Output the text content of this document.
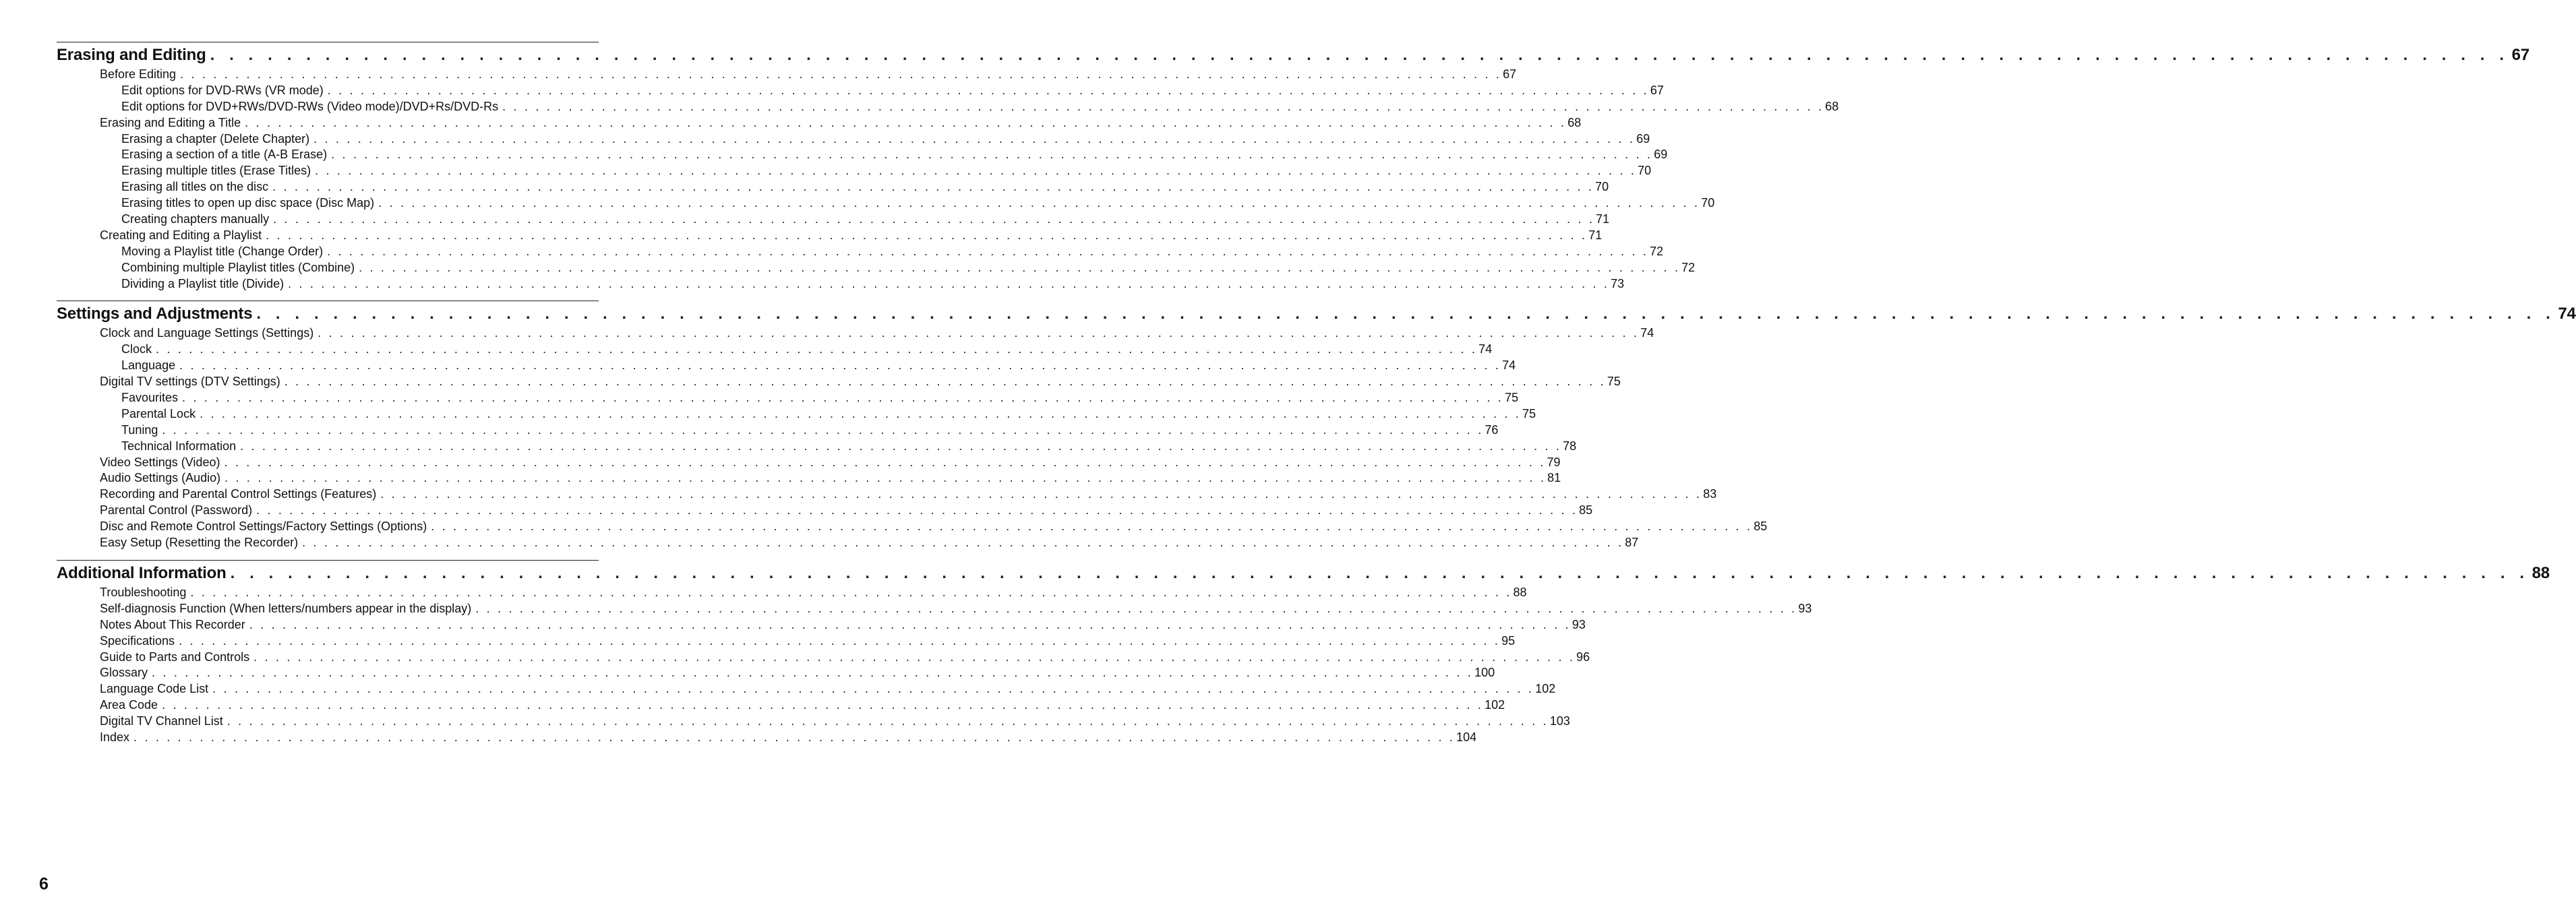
Erasing and Editing . . . . . . . . . . . . . . . . . . . . . . . . . . . . . . . . . . . . . . . . . . . . . . . . . . . . . . . . . . . . . . . . . . . . . . . . . . . . . . . . . . . . . . . . . . . . . . . . . . . . . . . . . . . . . . . . . . . . . . . . 67
Before Editing . . . . . . . . . . . . . . . . . . . . . . . . . . . . . . . . . . . . . . . . . . . . . . . . . . . . . . . . . . . . . . . . . . . . . . . . . . . . . . . . . . . . . . . . . . . . . . . . . . . . . . . . . . . . . . . . . . . . . . . . 67
Edit options for DVD-RWs (VR mode) . . . . . . . . . . . . . . . . . . . . . . . . . . . . . . . . . . . . . . . . . . . . . . . . . . . . . . . . . . . . . . . . . . . . . . . . . . . . . . . . . . . . . . . . . . . . . . . . . . . . . . . . . . . . . . . . . . . . . . . . 67
Edit options for DVD+RWs/DVD-RWs (Video mode)/DVD+Rs/DVD-Rs . . . . . . . . . . . . . . . . . . . . . . . . . . . . . . . . . . . . . . . . . . . . . . . . . . . . . . . . . . . . . . . . . . . . . . . . . . . . . . . . . . . . . . . . . . . . . . . . . . . . . . . . . . . . . . . . . . . . . . . . 68
Erasing and Editing a Title . . . . . . . . . . . . . . . . . . . . . . . . . . . . . . . . . . . . . . . . . . . . . . . . . . . . . . . . . . . . . . . . . . . . . . . . . . . . . . . . . . . . . . . . . . . . . . . . . . . . . . . . . . . . . . . . . . . . . . . . 68
Erasing a chapter (Delete Chapter) . . . . . . . . . . . . . . . . . . . . . . . . . . . . . . . . . . . . . . . . . . . . . . . . . . . . . . . . . . . . . . . . . . . . . . . . . . . . . . . . . . . . . . . . . . . . . . . . . . . . . . . . . . . . . . . . . . . . . . . . 69
Erasing a section of a title (A-B Erase) . . . . . . . . . . . . . . . . . . . . . . . . . . . . . . . . . . . . . . . . . . . . . . . . . . . . . . . . . . . . . . . . . . . . . . . . . . . . . . . . . . . . . . . . . . . . . . . . . . . . . . . . . . . . . . . . . . . . . . . . 69
Erasing multiple titles (Erase Titles) . . . . . . . . . . . . . . . . . . . . . . . . . . . . . . . . . . . . . . . . . . . . . . . . . . . . . . . . . . . . . . . . . . . . . . . . . . . . . . . . . . . . . . . . . . . . . . . . . . . . . . . . . . . . . . . . . . . . . . . . 70
Erasing all titles on the disc . . . . . . . . . . . . . . . . . . . . . . . . . . . . . . . . . . . . . . . . . . . . . . . . . . . . . . . . . . . . . . . . . . . . . . . . . . . . . . . . . . . . . . . . . . . . . . . . . . . . . . . . . . . . . . . . . . . . . . . . 70
Erasing titles to open up disc space (Disc Map) . . . . . . . . . . . . . . . . . . . . . . . . . . . . . . . . . . . . . . . . . . . . . . . . . . . . . . . . . . . . . . . . . . . . . . . . . . . . . . . . . . . . . . . . . . . . . . . . . . . . . . . . . . . . . . . . . . . . . . . . 70
Creating chapters manually . . . . . . . . . . . . . . . . . . . . . . . . . . . . . . . . . . . . . . . . . . . . . . . . . . . . . . . . . . . . . . . . . . . . . . . . . . . . . . . . . . . . . . . . . . . . . . . . . . . . . . . . . . . . . . . . . . . . . . . . 71
Creating and Editing a Playlist . . . . . . . . . . . . . . . . . . . . . . . . . . . . . . . . . . . . . . . . . . . . . . . . . . . . . . . . . . . . . . . . . . . . . . . . . . . . . . . . . . . . . . . . . . . . . . . . . . . . . . . . . . . . . . . . . . . . . . . . 71
Moving a Playlist title (Change Order) . . . . . . . . . . . . . . . . . . . . . . . . . . . . . . . . . . . . . . . . . . . . . . . . . . . . . . . . . . . . . . . . . . . . . . . . . . . . . . . . . . . . . . . . . . . . . . . . . . . . . . . . . . . . . . . . . . . . . . . . 72
Combining multiple Playlist titles (Combine) . . . . . . . . . . . . . . . . . . . . . . . . . . . . . . . . . . . . . . . . . . . . . . . . . . . . . . . . . . . . . . . . . . . . . . . . . . . . . . . . . . . . . . . . . . . . . . . . . . . . . . . . . . . . . . . . . . . . . . . . 72
Dividing a Playlist title (Divide) . . . . . . . . . . . . . . . . . . . . . . . . . . . . . . . . . . . . . . . . . . . . . . . . . . . . . . . . . . . . . . . . . . . . . . . . . . . . . . . . . . . . . . . . . . . . . . . . . . . . . . . . . . . . . . . . . . . . . . . . 73
Settings and Adjustments . . . . . . . . . . . . . . . . . . . . . . . . . . . . . . . . . . . . . . . . . . . . . . . . . . . . . . . . . . . . . . . . . . . . . . . . . . . . . . . . . . . . . . . . . . . . . . . . . . . . . . . . . . . . . . . . . . . . . . . . 74
Clock and Language Settings (Settings) . . . . . . . . . . . . . . . . . . . . . . . . . . . . . . . . . . . . . . . . . . . . . . . . . . . . . . . . . . . . . . . . . . . . . . . . . . . . . . . . . . . . . . . . . . . . . . . . . . . . . . . . . . . . . . . . . . . . . . . . 74
Clock . . . . . . . . . . . . . . . . . . . . . . . . . . . . . . . . . . . . . . . . . . . . . . . . . . . . . . . . . . . . . . . . . . . . . . . . . . . . . . . . . . . . . . . . . . . . . . . . . . . . . . . . . . . . . . . . . . . . . . . . 74
Language . . . . . . . . . . . . . . . . . . . . . . . . . . . . . . . . . . . . . . . . . . . . . . . . . . . . . . . . . . . . . . . . . . . . . . . . . . . . . . . . . . . . . . . . . . . . . . . . . . . . . . . . . . . . . . . . . . . . . . . . 74
Digital TV settings (DTV Settings) . . . . . . . . . . . . . . . . . . . . . . . . . . . . . . . . . . . . . . . . . . . . . . . . . . . . . . . . . . . . . . . . . . . . . . . . . . . . . . . . . . . . . . . . . . . . . . . . . . . . . . . . . . . . . . . . . . . . . . . . 75
Favourites . . . . . . . . . . . . . . . . . . . . . . . . . . . . . . . . . . . . . . . . . . . . . . . . . . . . . . . . . . . . . . . . . . . . . . . . . . . . . . . . . . . . . . . . . . . . . . . . . . . . . . . . . . . . . . . . . . . . . . . . 75
Parental Lock . . . . . . . . . . . . . . . . . . . . . . . . . . . . . . . . . . . . . . . . . . . . . . . . . . . . . . . . . . . . . . . . . . . . . . . . . . . . . . . . . . . . . . . . . . . . . . . . . . . . . . . . . . . . . . . . . . . . . . . . 75
Tuning . . . . . . . . . . . . . . . . . . . . . . . . . . . . . . . . . . . . . . . . . . . . . . . . . . . . . . . . . . . . . . . . . . . . . . . . . . . . . . . . . . . . . . . . . . . . . . . . . . . . . . . . . . . . . . . . . . . . . . . . 76
Technical Information . . . . . . . . . . . . . . . . . . . . . . . . . . . . . . . . . . . . . . . . . . . . . . . . . . . . . . . . . . . . . . . . . . . . . . . . . . . . . . . . . . . . . . . . . . . . . . . . . . . . . . . . . . . . . . . . . . . . . . . . 78
Video Settings (Video) . . . . . . . . . . . . . . . . . . . . . . . . . . . . . . . . . . . . . . . . . . . . . . . . . . . . . . . . . . . . . . . . . . . . . . . . . . . . . . . . . . . . . . . . . . . . . . . . . . . . . . . . . . . . . . . . . . . . . . . . 79
Audio Settings (Audio) . . . . . . . . . . . . . . . . . . . . . . . . . . . . . . . . . . . . . . . . . . . . . . . . . . . . . . . . . . . . . . . . . . . . . . . . . . . . . . . . . . . . . . . . . . . . . . . . . . . . . . . . . . . . . . . . . . . . . . . . 81
Recording and Parental Control Settings (Features) . . . . . . . . . . . . . . . . . . . . . . . . . . . . . . . . . . . . . . . . . . . . . . . . . . . . . . . . . . . . . . . . . . . . . . . . . . . . . . . . . . . . . . . . . . . . . . . . . . . . . . . . . . . . . . . . . . . . . . . . 83
Parental Control (Password) . . . . . . . . . . . . . . . . . . . . . . . . . . . . . . . . . . . . . . . . . . . . . . . . . . . . . . . . . . . . . . . . . . . . . . . . . . . . . . . . . . . . . . . . . . . . . . . . . . . . . . . . . . . . . . . . . . . . . . . . 85
Disc and Remote Control Settings/Factory Settings (Options) . . . . . . . . . . . . . . . . . . . . . . . . . . . . . . . . . . . . . . . . . . . . . . . . . . . . . . . . . . . . . . . . . . . . . . . . . . . . . . . . . . . . . . . . . . . . . . . . . . . . . . . . . . . . . . . . . . . . . . . . 85
Easy Setup (Resetting the Recorder) . . . . . . . . . . . . . . . . . . . . . . . . . . . . . . . . . . . . . . . . . . . . . . . . . . . . . . . . . . . . . . . . . . . . . . . . . . . . . . . . . . . . . . . . . . . . . . . . . . . . . . . . . . . . . . . . . . . . . . . . 87
Additional Information . . . . . . . . . . . . . . . . . . . . . . . . . . . . . . . . . . . . . . . . . . . . . . . . . . . . . . . . . . . . . . . . . . . . . . . . . . . . . . . . . . . . . . . . . . . . . . . . . . . . . . . . . . . . . . . . . . . . . . . . 88
Troubleshooting . . . . . . . . . . . . . . . . . . . . . . . . . . . . . . . . . . . . . . . . . . . . . . . . . . . . . . . . . . . . . . . . . . . . . . . . . . . . . . . . . . . . . . . . . . . . . . . . . . . . . . . . . . . . . . . . . . . . . . . . 88
Self-diagnosis Function (When letters/numbers appear in the display) . . . . . . . . . . . . . . . . . . . . . . . . . . . . . . . . . . . . . . . . . . . . . . . . . . . . . . . . . . . . . . . . . . . . . . . . . . . . . . . . . . . . . . . . . . . . . . . . . . . . . . . . . . . . . . . . . . . . . . . . 93
Notes About This Recorder . . . . . . . . . . . . . . . . . . . . . . . . . . . . . . . . . . . . . . . . . . . . . . . . . . . . . . . . . . . . . . . . . . . . . . . . . . . . . . . . . . . . . . . . . . . . . . . . . . . . . . . . . . . . . . . . . . . . . . . . 93
Specifications . . . . . . . . . . . . . . . . . . . . . . . . . . . . . . . . . . . . . . . . . . . . . . . . . . . . . . . . . . . . . . . . . . . . . . . . . . . . . . . . . . . . . . . . . . . . . . . . . . . . . . . . . . . . . . . . . . . . . . . . 95
Guide to Parts and Controls . . . . . . . . . . . . . . . . . . . . . . . . . . . . . . . . . . . . . . . . . . . . . . . . . . . . . . . . . . . . . . . . . . . . . . . . . . . . . . . . . . . . . . . . . . . . . . . . . . . . . . . . . . . . . . . . . . . . . . . . 96
Glossary . . . . . . . . . . . . . . . . . . . . . . . . . . . . . . . . . . . . . . . . . . . . . . . . . . . . . . . . . . . . . . . . . . . . . . . . . . . . . . . . . . . . . . . . . . . . . . . . . . . . . . . . . . . . . . . . . . . . . . . . 100
Language Code List . . . . . . . . . . . . . . . . . . . . . . . . . . . . . . . . . . . . . . . . . . . . . . . . . . . . . . . . . . . . . . . . . . . . . . . . . . . . . . . . . . . . . . . . . . . . . . . . . . . . . . . . . . . . . . . . . . . . . . . . 102
Area Code . . . . . . . . . . . . . . . . . . . . . . . . . . . . . . . . . . . . . . . . . . . . . . . . . . . . . . . . . . . . . . . . . . . . . . . . . . . . . . . . . . . . . . . . . . . . . . . . . . . . . . . . . . . . . . . . . . . . . . . . 102
Digital TV Channel List . . . . . . . . . . . . . . . . . . . . . . . . . . . . . . . . . . . . . . . . . . . . . . . . . . . . . . . . . . . . . . . . . . . . . . . . . . . . . . . . . . . . . . . . . . . . . . . . . . . . . . . . . . . . . . . . . . . . . . . . 103
Index . . . . . . . . . . . . . . . . . . . . . . . . . . . . . . . . . . . . . . . . . . . . . . . . . . . . . . . . . . . . . . . . . . . . . . . . . . . . . . . . . . . . . . . . . . . . . . . . . . . . . . . . . . . . . . . . . . . . . . . . 104
6
